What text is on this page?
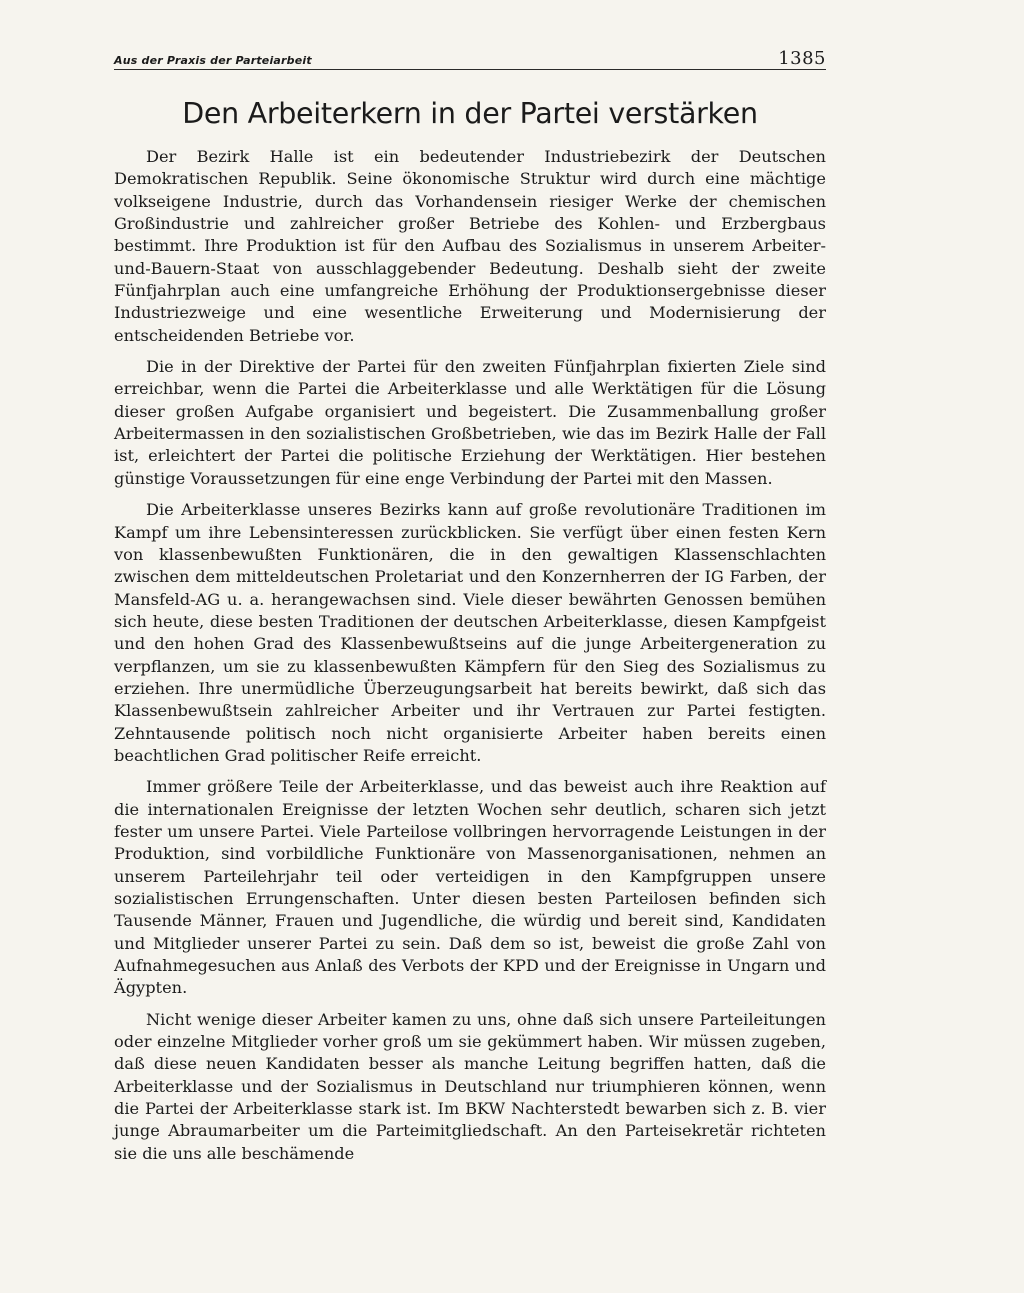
Aus der Praxis der Parteiarbeit	1385
Den Arbeiterkern in der Partei verstärken

Der Bezirk Halle ist ein bedeutender Industriebezirk der Deutschen Demokratischen Republik. Seine ökonomische Struktur wird durch eine mächtige volkseigene Industrie, durch das Vorhandensein riesiger Werke der chemischen Großindustrie und zahlreicher großer Betriebe des Kohlen- und Erzbergbaus bestimmt. Ihre Produktion ist für den Aufbau des Sozialismus in unserem Arbeiter-und-Bauern-Staat von ausschlaggebender Bedeutung. Deshalb sieht der zweite Fünfjahrplan auch eine umfangreiche Erhöhung der Produktionsergebnisse dieser Industriezweige und eine wesentliche Erweiterung und Modernisierung der entscheidenden Betriebe vor.

Die in der Direktive der Partei für den zweiten Fünfjahrplan fixierten Ziele sind erreichbar, wenn die Partei die Arbeiterklasse und alle Werktätigen für die Lösung dieser großen Aufgabe organisiert und begeistert. Die Zusammenballung großer Arbeitermassen in den sozialistischen Großbetrieben, wie das im Bezirk Halle der Fall ist, erleichtert der Partei die politische Erziehung der Werktätigen. Hier bestehen günstige Voraussetzungen für eine enge Verbindung der Partei mit den Massen.

Die Arbeiterklasse unseres Bezirks kann auf große revolutionäre Traditionen im Kampf um ihre Lebensinteressen zurückblicken. Sie verfügt über einen festen Kern von klassenbewußten Funktionären, die in den gewaltigen Klassenschlachten zwischen dem mitteldeutschen Proletariat und den Konzernherren der IG Farben, der Mansfeld-AG u. a. herangewachsen sind. Viele dieser bewährten Genossen bemühen sich heute, diese besten Traditionen der deutschen Arbeiterklasse, diesen Kampfgeist und den hohen Grad des Klassenbewußtseins auf die junge Arbeitergeneration zu verpflanzen, um sie zu klassenbewußten Kämpfern für den Sieg des Sozialismus zu erziehen. Ihre unermüdliche Überzeugungsarbeit hat bereits bewirkt, daß sich das Klassenbewußtsein zahlreicher Arbeiter und ihr Vertrauen zur Partei festigten. Zehntausende politisch noch nicht organisierte Arbeiter haben bereits einen beachtlichen Grad politischer Reife erreicht.

Immer größere Teile der Arbeiterklasse, und das beweist auch ihre Reaktion auf die internationalen Ereignisse der letzten Wochen sehr deutlich, scharen sich jetzt fester um unsere Partei. Viele Parteilose vollbringen hervorragende Leistungen in der Produktion, sind vorbildliche Funktionäre von Massenorganisationen, nehmen an unserem Parteilehrjahr teil oder verteidigen in den Kampfgruppen unsere sozialistischen Errungenschaften. Unter diesen besten Parteilosen befinden sich Tausende Männer, Frauen und Jugendliche, die würdig und bereit sind, Kandidaten und Mitglieder unserer Partei zu sein. Daß dem so ist, beweist die große Zahl von Aufnahmegesuchen aus Anlaß des Verbots der KPD und der Ereignisse in Ungarn und Ägypten.

Nicht wenige dieser Arbeiter kamen zu uns, ohne daß sich unsere Parteileitungen oder einzelne Mitglieder vorher groß um sie gekümmert haben. Wir müssen zugeben, daß diese neuen Kandidaten besser als manche Leitung begriffen hatten, daß die Arbeiterklasse und der Sozialismus in Deutschland nur triumphieren können, wenn die Partei der Arbeiterklasse stark ist. Im BKW Nachterstedt bewarben sich z. B. vier junge Abraumarbeiter um die Parteimitgliedschaft. An den Parteisekretär richteten sie die uns alle beschämende
